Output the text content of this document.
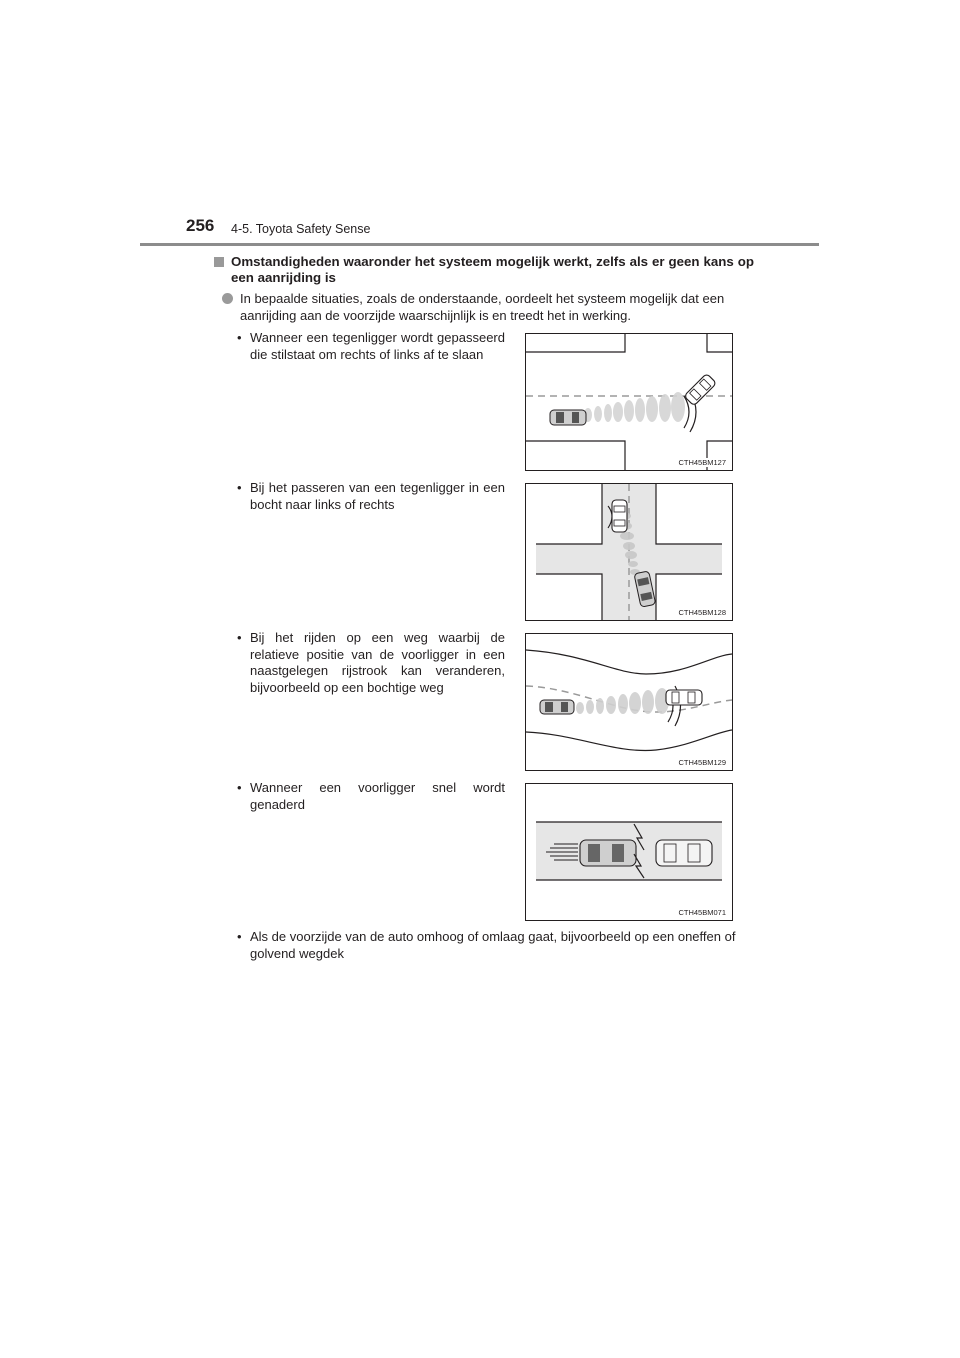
256 4-5. Toyota Safety Sense
Omstandigheden waaronder het systeem mogelijk werkt, zelfs als er geen kans op een aanrijding is
In bepaalde situaties, zoals de onderstaande, oordeelt het systeem mogelijk dat een aanrijding aan de voorzijde waarschijnlijk is en treedt het in werking.
• Wanneer een tegenligger wordt gepasseerd die stilstaat om rechts of links af te slaan
CTH45BM127
• Bij het passeren van een tegenligger in een bocht naar links of rechts
CTH45BM128
• Bij het rijden op een weg waarbij de relatieve positie van de voorligger in een naastgelegen rijstrook kan veranderen, bijvoorbeeld op een bochtige weg
CTH45BM129
• Wanneer een voorligger snel wordt genaderd
CTH45BM071
• Als de voorzijde van de auto omhoog of omlaag gaat, bijvoorbeeld op een oneffen of golvend wegdek
